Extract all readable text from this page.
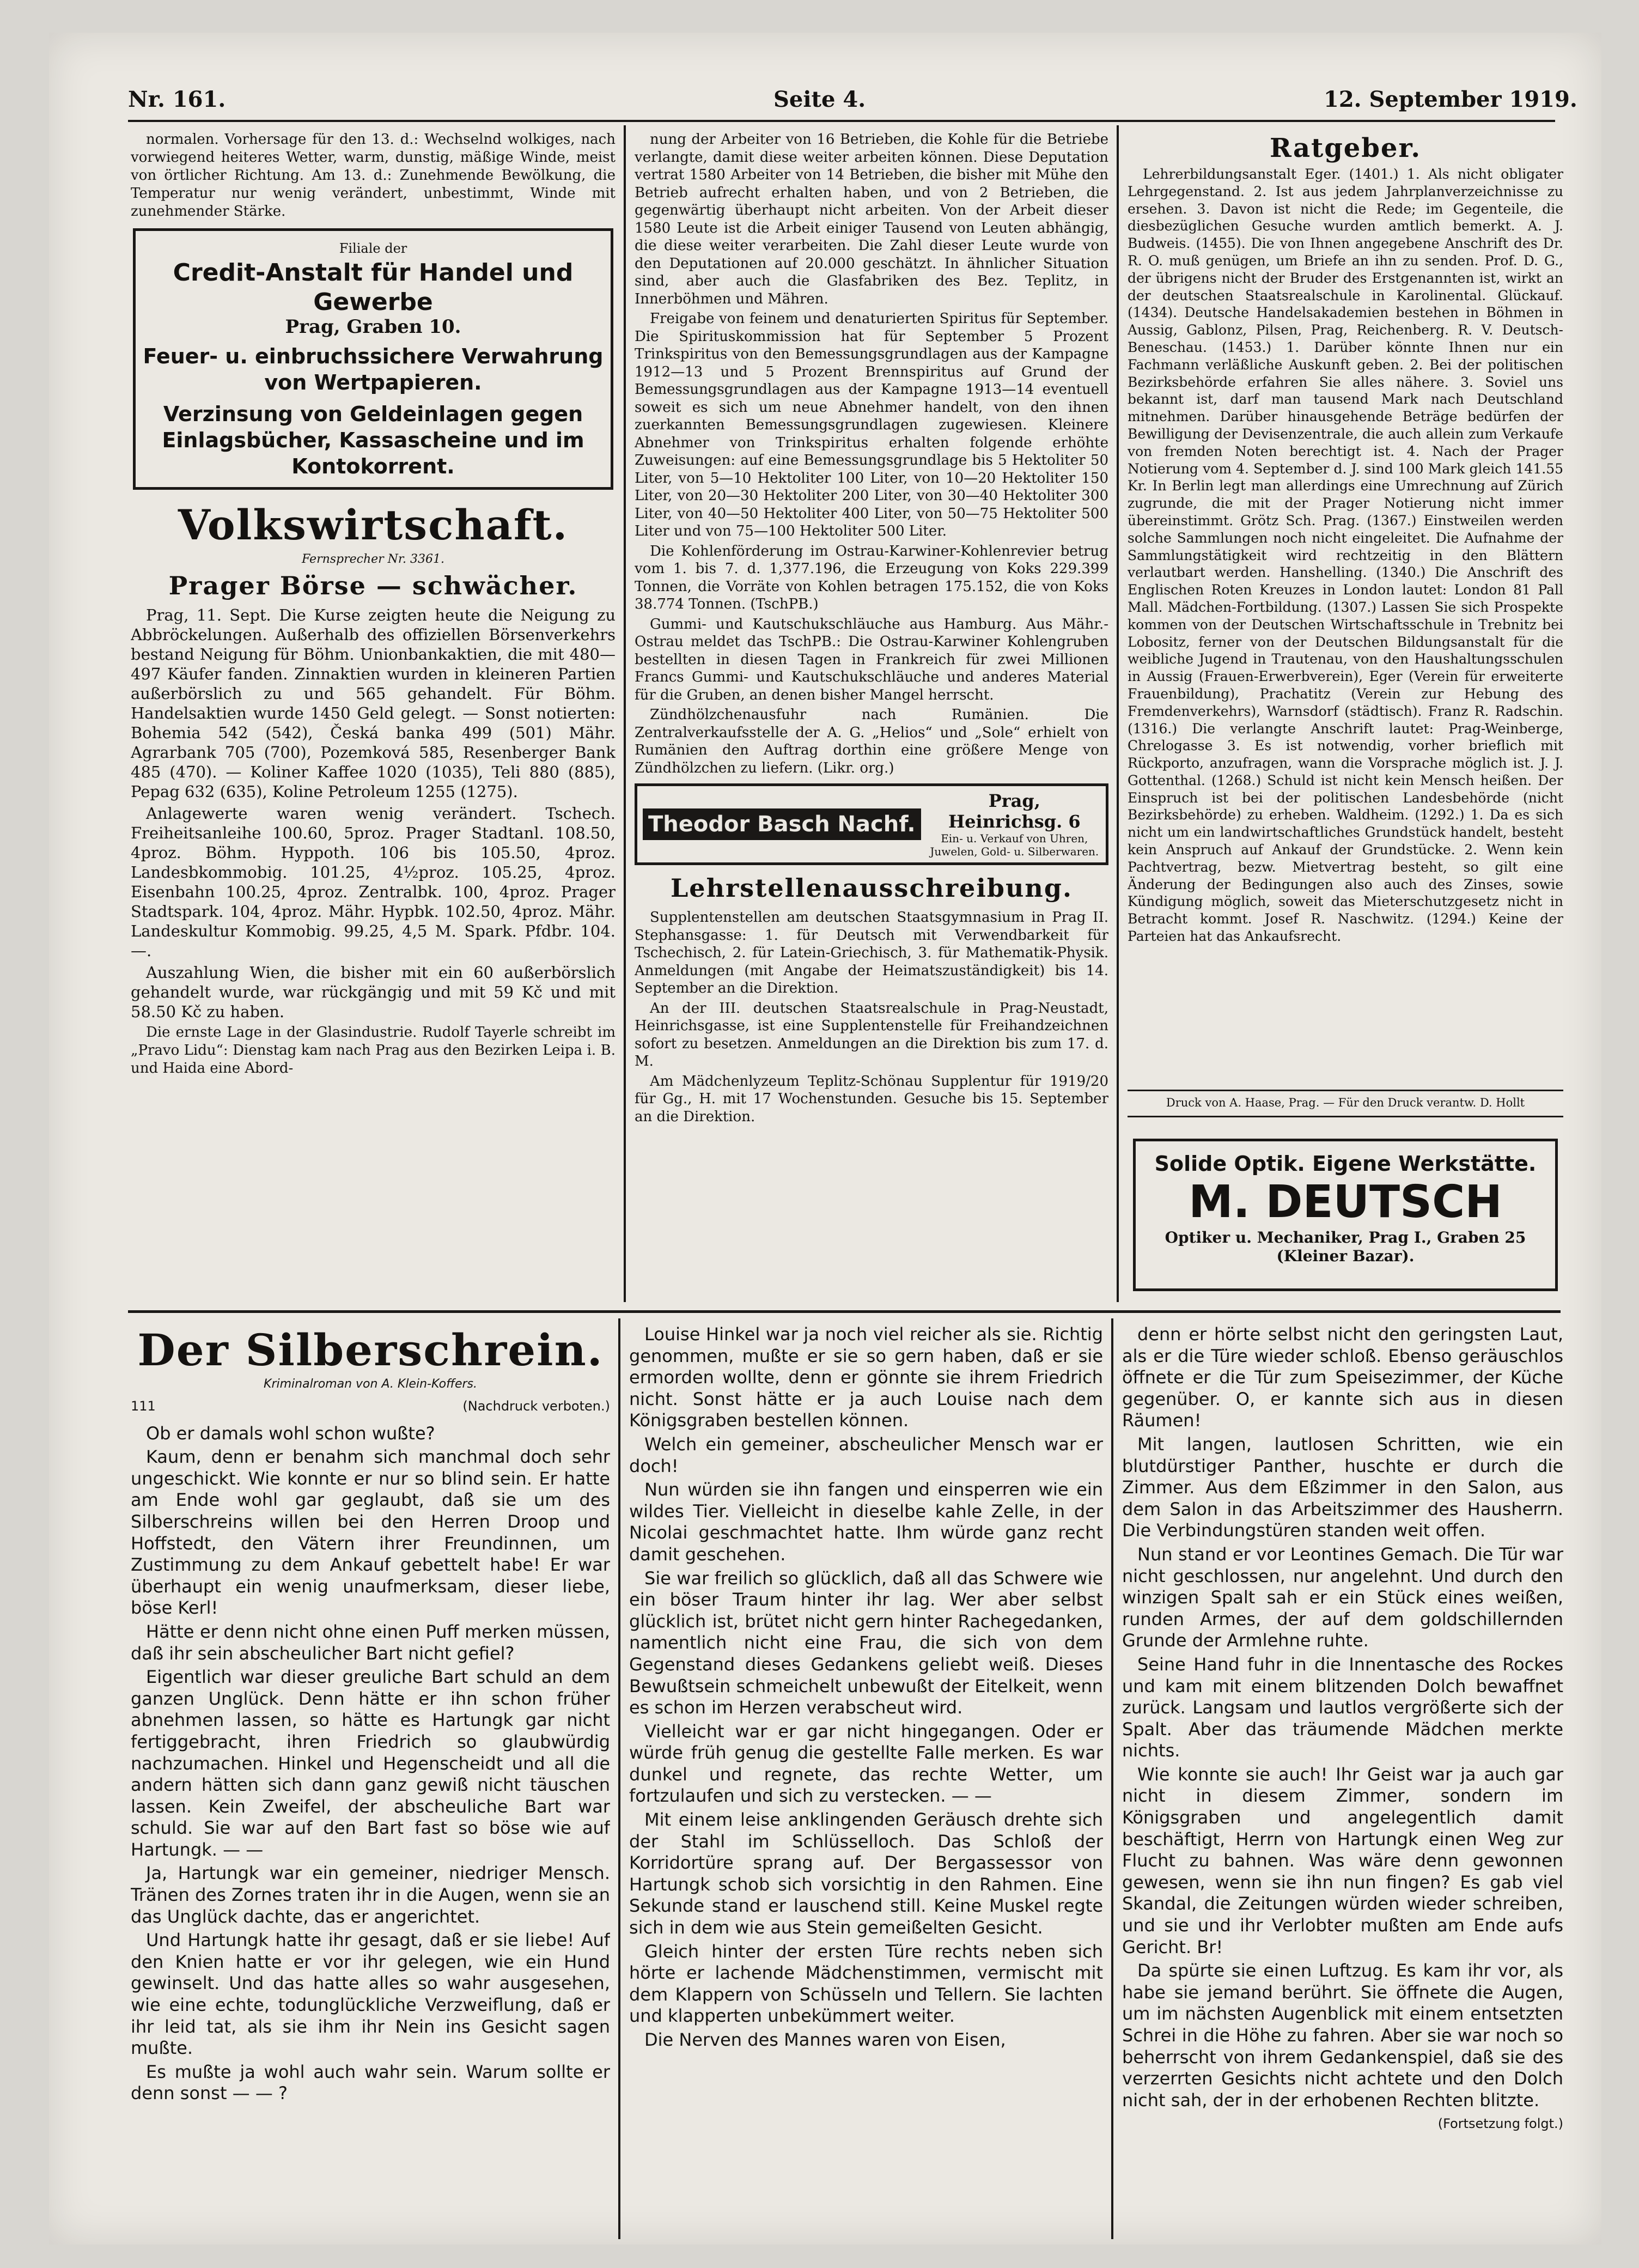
Nr. 161.	Seite 4.	12. September 1919.

normalen. Vorhersage für den 13. d.: Wechselnd wolkiges, nach vorwiegend heiteres Wetter, warm, dunstig, mäßige Winde, meist von örtlicher Richtung. Am 13. d.: Zunehmende Bewölkung, die Temperatur nur wenig verändert, unbestimmt, Winde mit zunehmender Stärke.

Filiale der
Credit-Anstalt für Handel und Gewerbe
Prag, Graben 10.
Feuer- u. einbruchssichere Verwahrung von Wertpapieren.
Verzinsung von Geldeinlagen gegen Einlagsbücher, Kassascheine und im Kontokorrent.
Volkswirtschaft.
Fernsprecher Nr. 3361.
Prager Börse — schwächer.

Prag, 11. Sept. Die Kurse zeigten heute die Neigung zu Abbröckelungen. Außerhalb des offiziellen Börsenverkehrs bestand Neigung für Böhm. Unionbankaktien, die mit 480—497 Käufer fanden. Zinnaktien wurden in kleineren Partien außerbörslich zu und 565 gehandelt. Für Böhm. Handelsaktien wurde 1450 Geld gelegt. — Sonst notierten: Bohemia 542 (542), Česká banka 499 (501) Mähr. Agrarbank 705 (700), Pozemková 585, Resenberger Bank 485 (470). — Koliner Kaffee 1020 (1035), Teli 880 (885), Pepag 632 (635), Koline Petroleum 1255 (1275).

Anlagewerte waren wenig verändert. Tschech. Freiheitsanleihe 100.60, 5proz. Prager Stadtanl. 108.50, 4proz. Böhm. Hyppoth. 106 bis 105.50, 4proz. Landesbkommobig. 101.25, 4½proz. 105.25, 4proz. Eisenbahn 100.25, 4proz. Zentralbk. 100, 4proz. Prager Stadtspark. 104, 4proz. Mähr. Hypbk. 102.50, 4proz. Mähr. Landeskultur Kommobig. 99.25, 4,5 M. Spark. Pfdbr. 104.—.

Auszahlung Wien, die bisher mit ein 60 außerbörslich gehandelt wurde, war rückgängig und mit 59 Kč und mit 58.50 Kč zu haben.

Die ernste Lage in der Glasindustrie. Rudolf Tayerle schreibt im „Pravo Lidu“: Dienstag kam nach Prag aus den Bezirken Leipa i. B. und Haida eine Abord-

nung der Arbeiter von 16 Betrieben, die Kohle für die Betriebe verlangte, damit diese weiter arbeiten können. Diese Deputation vertrat 1580 Arbeiter von 14 Betrieben, die bisher mit Mühe den Betrieb aufrecht erhalten haben, und von 2 Betrieben, die gegenwärtig überhaupt nicht arbeiten. Von der Arbeit dieser 1580 Leute ist die Arbeit einiger Tausend von Leuten abhängig, die diese weiter verarbeiten. Die Zahl dieser Leute wurde von den Deputationen auf 20.000 geschätzt. In ähnlicher Situation sind, aber auch die Glasfabriken des Bez. Teplitz, in Innerböhmen und Mähren.

Freigabe von feinem und denaturierten Spiritus für September. Die Spirituskommission hat für September 5 Prozent Trinkspiritus von den Bemessungsgrundlagen aus der Kampagne 1912—13 und 5 Prozent Brennspiritus auf Grund der Bemessungsgrundlagen aus der Kampagne 1913—14 eventuell soweit es sich um neue Abnehmer handelt, von den ihnen zuerkannten Bemessungsgrundlagen zugewiesen. Kleinere Abnehmer von Trinkspiritus erhalten folgende erhöhte Zuweisungen: auf eine Bemessungsgrundlage bis 5 Hektoliter 50 Liter, von 5—10 Hektoliter 100 Liter, von 10—20 Hektoliter 150 Liter, von 20—30 Hektoliter 200 Liter, von 30—40 Hektoliter 300 Liter, von 40—50 Hektoliter 400 Liter, von 50—75 Hektoliter 500 Liter und von 75—100 Hektoliter 500 Liter.

Die Kohlenförderung im Ostrau-Karwiner-Kohlenrevier betrug vom 1. bis 7. d. 1,377.196, die Erzeugung von Koks 229.399 Tonnen, die Vorräte von Kohlen betragen 175.152, die von Koks 38.774 Tonnen. (TschPB.)

Gummi- und Kautschukschläuche aus Hamburg. Aus Mähr.-Ostrau meldet das TschPB.: Die Ostrau-Karwiner Kohlengruben bestellten in diesen Tagen in Frankreich für zwei Millionen Francs Gummi- und Kautschukschläuche und anderes Material für die Gruben, an denen bisher Mangel herrscht.

Zündhölzchenausfuhr nach Rumänien. Die Zentralverkaufsstelle der A. G. „Helios“ und „Sole“ erhielt von Rumänien den Auftrag dorthin eine größere Menge von Zündhölzchen zu liefern. (Likr. org.)

Theodor Basch Nachf.
Prag, Heinrichsg. 6
Ein- u. Verkauf von Uhren, Juwelen, Gold- u. Silberwaren.
Lehrstellenausschreibung.

Supplentenstellen am deutschen Staatsgymnasium in Prag II. Stephansgasse: 1. für Deutsch mit Verwendbarkeit für Tschechisch, 2. für Latein-Griechisch, 3. für Mathematik-Physik. Anmeldungen (mit Angabe der Heimatszuständigkeit) bis 14. September an die Direktion.

An der III. deutschen Staatsrealschule in Prag-Neustadt, Heinrichsgasse, ist eine Supplentenstelle für Freihandzeichnen sofort zu besetzen. Anmeldungen an die Direktion bis zum 17. d. M.

Am Mädchenlyzeum Teplitz-Schönau Supplentur für 1919/20 für Gg., H. mit 17 Wochenstunden. Gesuche bis 15. September an die Direktion.

Ratgeber.

Lehrerbildungsanstalt Eger. (1401.) 1. Als nicht obligater Lehrgegenstand. 2. Ist aus jedem Jahrplanverzeichnisse zu ersehen. 3. Davon ist nicht die Rede; im Gegenteile, die diesbezüglichen Gesuche wurden amtlich bemerkt. A. J. Budweis. (1455). Die von Ihnen angegebene Anschrift des Dr. R. O. muß genügen, um Briefe an ihn zu senden. Prof. D. G., der übrigens nicht der Bruder des Erstgenannten ist, wirkt an der deutschen Staatsrealschule in Karolinental. Glückauf. (1434). Deutsche Handelsakademien bestehen in Böhmen in Aussig, Gablonz, Pilsen, Prag, Reichenberg. R. V. Deutsch-Beneschau. (1453.) 1. Darüber könnte Ihnen nur ein Fachmann verläßliche Auskunft geben. 2. Bei der politischen Bezirksbehörde erfahren Sie alles nähere. 3. Soviel uns bekannt ist, darf man tausend Mark nach Deutschland mitnehmen. Darüber hinausgehende Beträge bedürfen der Bewilligung der Devisenzentrale, die auch allein zum Verkaufe von fremden Noten berechtigt ist. 4. Nach der Prager Notierung vom 4. September d. J. sind 100 Mark gleich 141.55 Kr. In Berlin legt man allerdings eine Umrechnung auf Zürich zugrunde, die mit der Prager Notierung nicht immer übereinstimmt. Grötz Sch. Prag. (1367.) Einstweilen werden solche Sammlungen noch nicht eingeleitet. Die Aufnahme der Sammlungstätigkeit wird rechtzeitig in den Blättern verlautbart werden. Hanshelling. (1340.) Die Anschrift des Englischen Roten Kreuzes in London lautet: London 81 Pall Mall. Mädchen-Fortbildung. (1307.) Lassen Sie sich Prospekte kommen von der Deutschen Wirtschaftsschule in Trebnitz bei Lobositz, ferner von der Deutschen Bildungsanstalt für die weibliche Jugend in Trautenau, von den Haushaltungsschulen in Aussig (Frauen-Erwerbverein), Eger (Verein für erweiterte Frauenbildung), Prachatitz (Verein zur Hebung des Fremdenverkehrs), Warnsdorf (städtisch). Franz R. Radschin. (1316.) Die verlangte Anschrift lautet: Prag-Weinberge, Chrelogasse 3. Es ist notwendig, vorher brieflich mit Rückporto, anzufragen, wann die Vorsprache möglich ist. J. J. Gottenthal. (1268.) Schuld ist nicht kein Mensch heißen. Der Einspruch ist bei der politischen Landesbehörde (nicht Bezirksbehörde) zu erheben. Waldheim. (1292.) 1. Da es sich nicht um ein landwirtschaftliches Grundstück handelt, besteht kein Anspruch auf Ankauf der Grundstücke. 2. Wenn kein Pachtvertrag, bezw. Mietvertrag besteht, so gilt eine Änderung der Bedingungen also auch des Zinses, sowie Kündigung möglich, soweit das Mieterschutzgesetz nicht in Betracht kommt. Josef R. Naschwitz. (1294.) Keine der Parteien hat das Ankaufsrecht.

Druck von A. Haase, Prag. — Für den Druck verantw. D. Hollt
Solide Optik. Eigene Werkstätte.
M. DEUTSCH
Optiker u. Mechaniker, Prag I., Graben 25
(Kleiner Bazar).
Der Silberschrein.
Kriminalroman von A. Klein-Koffers.
111	(Nachdruck verboten.)

Ob er damals wohl schon wußte?

Kaum, denn er benahm sich manchmal doch sehr ungeschickt. Wie konnte er nur so blind sein. Er hatte am Ende wohl gar geglaubt, daß sie um des Silberschreins willen bei den Herren Droop und Hoffstedt, den Vätern ihrer Freundinnen, um Zustimmung zu dem Ankauf gebettelt habe! Er war überhaupt ein wenig unaufmerksam, dieser liebe, böse Kerl!

Hätte er denn nicht ohne einen Puff merken müssen, daß ihr sein abscheulicher Bart nicht gefiel?

Eigentlich war dieser greuliche Bart schuld an dem ganzen Unglück. Denn hätte er ihn schon früher abnehmen lassen, so hätte es Hartungk gar nicht fertiggebracht, ihren Friedrich so glaubwürdig nachzumachen. Hinkel und Hegenscheidt und all die andern hätten sich dann ganz gewiß nicht täuschen lassen. Kein Zweifel, der abscheuliche Bart war schuld. Sie war auf den Bart fast so böse wie auf Hartungk. — —

Ja, Hartungk war ein gemeiner, niedriger Mensch. Tränen des Zornes traten ihr in die Augen, wenn sie an das Unglück dachte, das er angerichtet.

Und Hartungk hatte ihr gesagt, daß er sie liebe! Auf den Knien hatte er vor ihr gelegen, wie ein Hund gewinselt. Und das hatte alles so wahr ausgesehen, wie eine echte, todunglückliche Verzweiflung, daß er ihr leid tat, als sie ihm ihr Nein ins Gesicht sagen mußte.

Es mußte ja wohl auch wahr sein. Warum sollte er denn sonst — — ?

Louise Hinkel war ja noch viel reicher als sie. Richtig genommen, mußte er sie so gern haben, daß er sie ermorden wollte, denn er gönnte sie ihrem Friedrich nicht. Sonst hätte er ja auch Louise nach dem Königsgraben bestellen können.

Welch ein gemeiner, abscheulicher Mensch war er doch!

Nun würden sie ihn fangen und einsperren wie ein wildes Tier. Vielleicht in dieselbe kahle Zelle, in der Nicolai geschmachtet hatte. Ihm würde ganz recht damit geschehen.

Sie war freilich so glücklich, daß all das Schwere wie ein böser Traum hinter ihr lag. Wer aber selbst glücklich ist, brütet nicht gern hinter Rachegedanken, namentlich nicht eine Frau, die sich von dem Gegenstand dieses Gedankens geliebt weiß. Dieses Bewußtsein schmeichelt unbewußt der Eitelkeit, wenn es schon im Herzen verabscheut wird.

Vielleicht war er gar nicht hingegangen. Oder er würde früh genug die gestellte Falle merken. Es war dunkel und regnete, das rechte Wetter, um fortzulaufen und sich zu verstecken. — —

Mit einem leise anklingenden Geräusch drehte sich der Stahl im Schlüsselloch. Das Schloß der Korridortüre sprang auf. Der Bergassessor von Hartungk schob sich vorsichtig in den Rahmen. Eine Sekunde stand er lauschend still. Keine Muskel regte sich in dem wie aus Stein gemeißelten Gesicht.

Gleich hinter der ersten Türe rechts neben sich hörte er lachende Mädchenstimmen, vermischt mit dem Klappern von Schüsseln und Tellern. Sie lachten und klapperten unbekümmert weiter.

Die Nerven des Mannes waren von Eisen,

denn er hörte selbst nicht den geringsten Laut, als er die Türe wieder schloß. Ebenso geräuschlos öffnete er die Tür zum Speisezimmer, der Küche gegenüber. O, er kannte sich aus in diesen Räumen!

Mit langen, lautlosen Schritten, wie ein blutdürstiger Panther, huschte er durch die Zimmer. Aus dem Eßzimmer in den Salon, aus dem Salon in das Arbeitszimmer des Hausherrn. Die Verbindungstüren standen weit offen.

Nun stand er vor Leontines Gemach. Die Tür war nicht geschlossen, nur angelehnt. Und durch den winzigen Spalt sah er ein Stück eines weißen, runden Armes, der auf dem goldschillernden Grunde der Armlehne ruhte.

Seine Hand fuhr in die Innentasche des Rockes und kam mit einem blitzenden Dolch bewaffnet zurück. Langsam und lautlos vergrößerte sich der Spalt. Aber das träumende Mädchen merkte nichts.

Wie konnte sie auch! Ihr Geist war ja auch gar nicht in diesem Zimmer, sondern im Königsgraben und angelegentlich damit beschäftigt, Herrn von Hartungk einen Weg zur Flucht zu bahnen. Was wäre denn gewonnen gewesen, wenn sie ihn nun fingen? Es gab viel Skandal, die Zeitungen würden wieder schreiben, und sie und ihr Verlobter mußten am Ende aufs Gericht. Br!

Da spürte sie einen Luftzug. Es kam ihr vor, als habe sie jemand berührt. Sie öffnete die Augen, um im nächsten Augenblick mit einem entsetzten Schrei in die Höhe zu fahren. Aber sie war noch so beherrscht von ihrem Gedankenspiel, daß sie des verzerrten Gesichts nicht achtete und den Dolch nicht sah, der in der erhobenen Rechten blitzte.

(Fortsetzung folgt.)
